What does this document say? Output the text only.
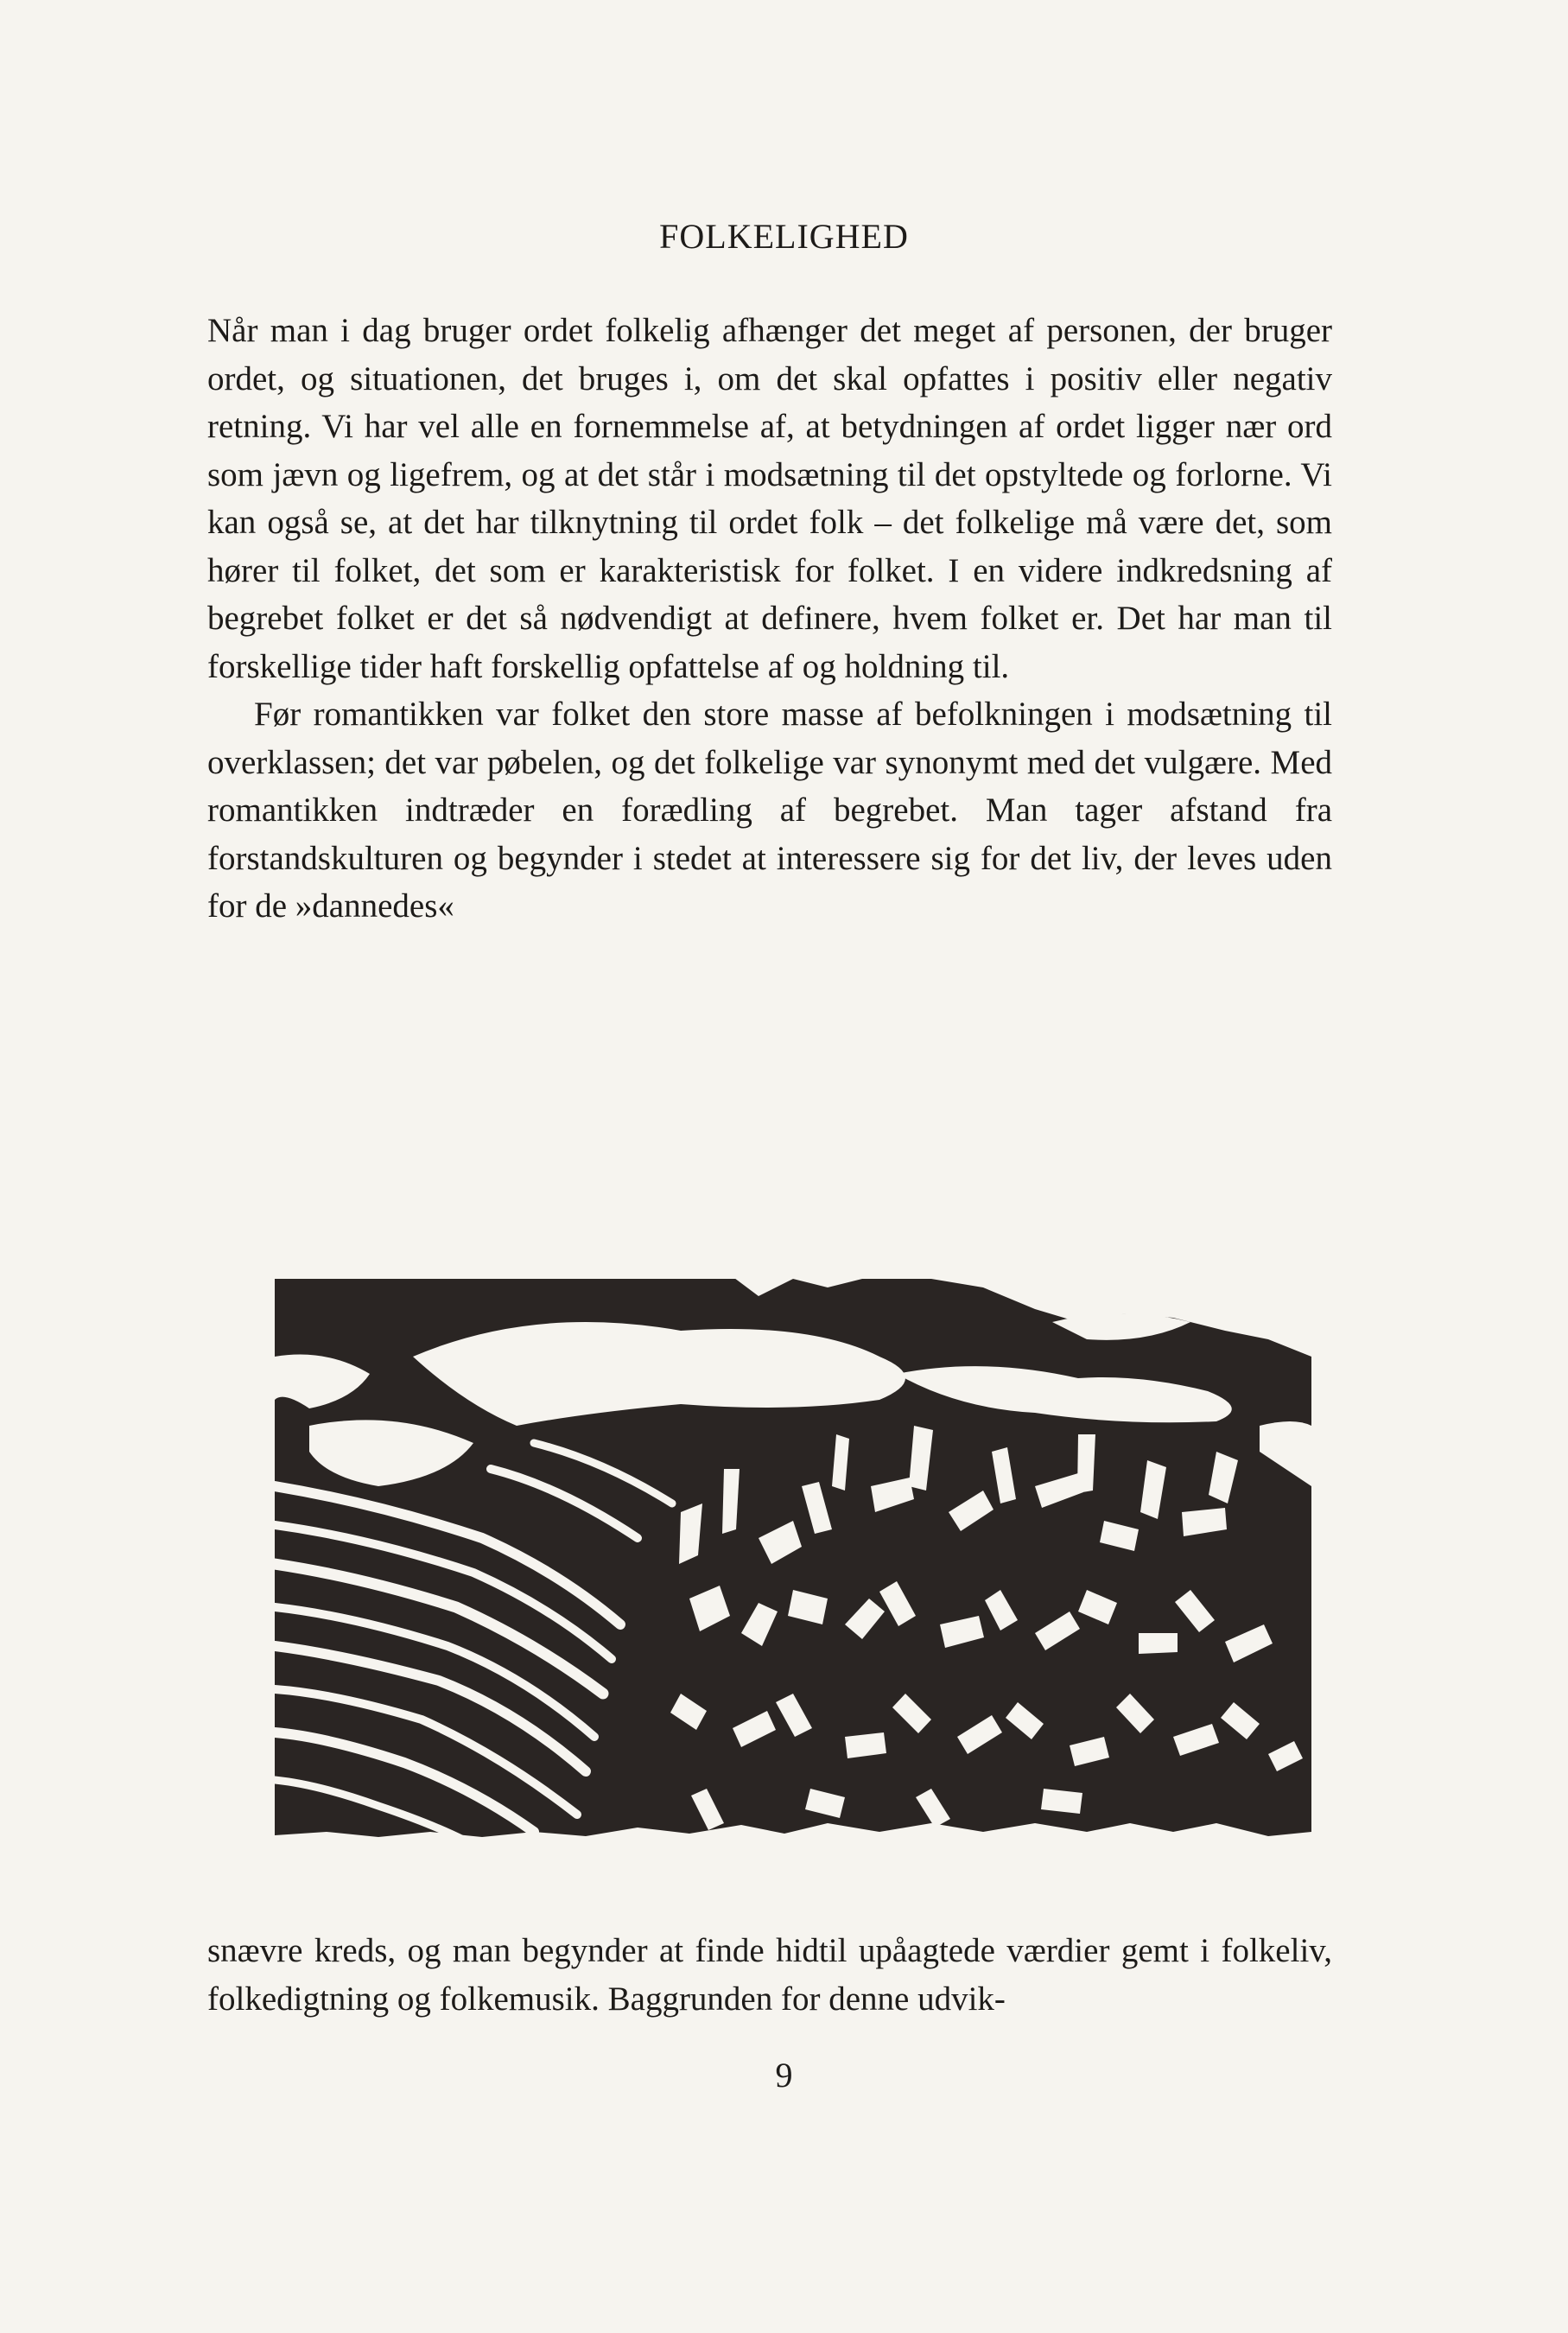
FOLKELIGHED

Når man i dag bruger ordet folkelig afhænger det meget af personen, der bruger ordet, og situationen, det bruges i, om det skal opfattes i positiv eller negativ retning. Vi har vel alle en fornemmelse af, at betydningen af ordet ligger nær ord som jævn og ligefrem, og at det står i modsætning til det opstyltede og forlorne. Vi kan også se, at det har tilknytning til ordet folk – det folkelige må være det, som hører til folket, det som er karakteristisk for folket. I en videre indkredsning af begrebet folket er det så nødvendigt at definere, hvem folket er. Det har man til forskellige tider haft forskellig opfattelse af og holdning til.

Før romantikken var folket den store masse af befolkningen i modsætning til overklassen; det var pøbelen, og det folkelige var synonymt med det vulgære. Med romantikken indtræder en forædling af begrebet. Man tager afstand fra forstandskulturen og begynder i stedet at interessere sig for det liv, der leves uden for de »dannedes«

snævre kreds, og man begynder at finde hidtil upåagtede værdier gemt i folkeliv, folkedigtning og folkemusik. Baggrunden for denne udvik-

9
